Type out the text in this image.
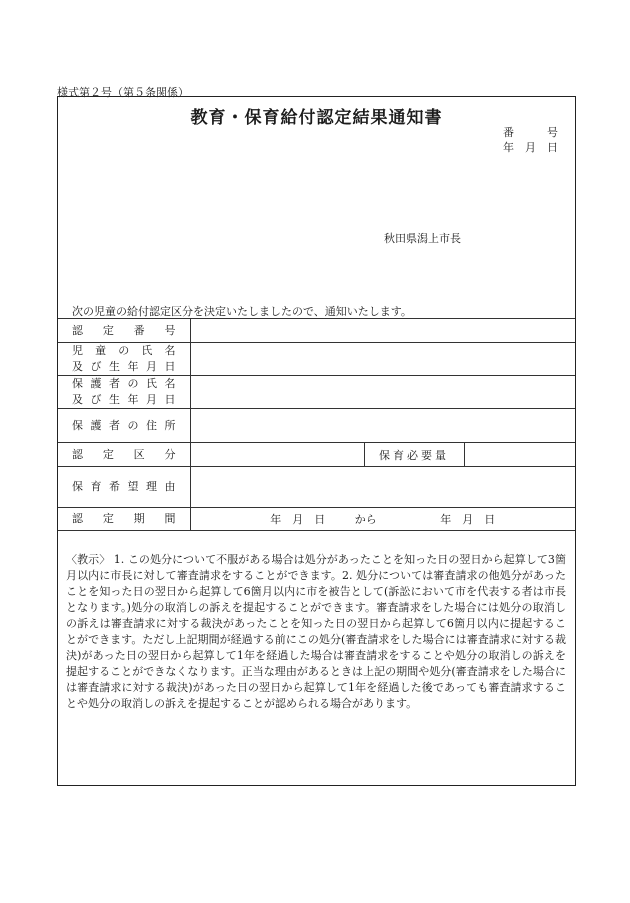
様式第２号（第５条関係）
教育・保育給付認定結果通知書
番　　　号
年　月　日
秋田県潟上市長
次の児童の給付認定区分を決定いたしましたので、通知いたします。
認　定　番　号			

児童の氏名
及び生年月日			

保護者の氏名
及び生年月日			

保護者の住所			
認　定　区　分		保育必要量	
保育希望理由			
認　定　期　間	年　月　日 から 年　月　日		
〈教示〉 1. この処分について不服がある場合は処分があったことを知った日の翌日から起算して3箇月以内に市長に対して審査請求をすることができます。2. 処分については審査請求の他処分があったことを知った日の翌日から起算して6箇月以内に市を被告として(訴訟において市を代表する者は市長となります。)処分の取消しの訴えを提起することができます。審査請求をした場合には処分の取消しの訴えは審査請求に対する裁決があったことを知った日の翌日から起算して6箇月以内に提起することができます。ただし上記期間が経過する前にこの処分(審査請求をした場合には審査請求に対する裁決)があった日の翌日から起算して1年を経過した場合は審査請求をすることや処分の取消しの訴えを提起することができなくなります。正当な理由があるときは上記の期間や処分(審査請求をした場合には審査請求に対する裁決)があった日の翌日から起算して1年を経過した後であっても審査請求することや処分の取消しの訴えを提起することが認められる場合があります。
